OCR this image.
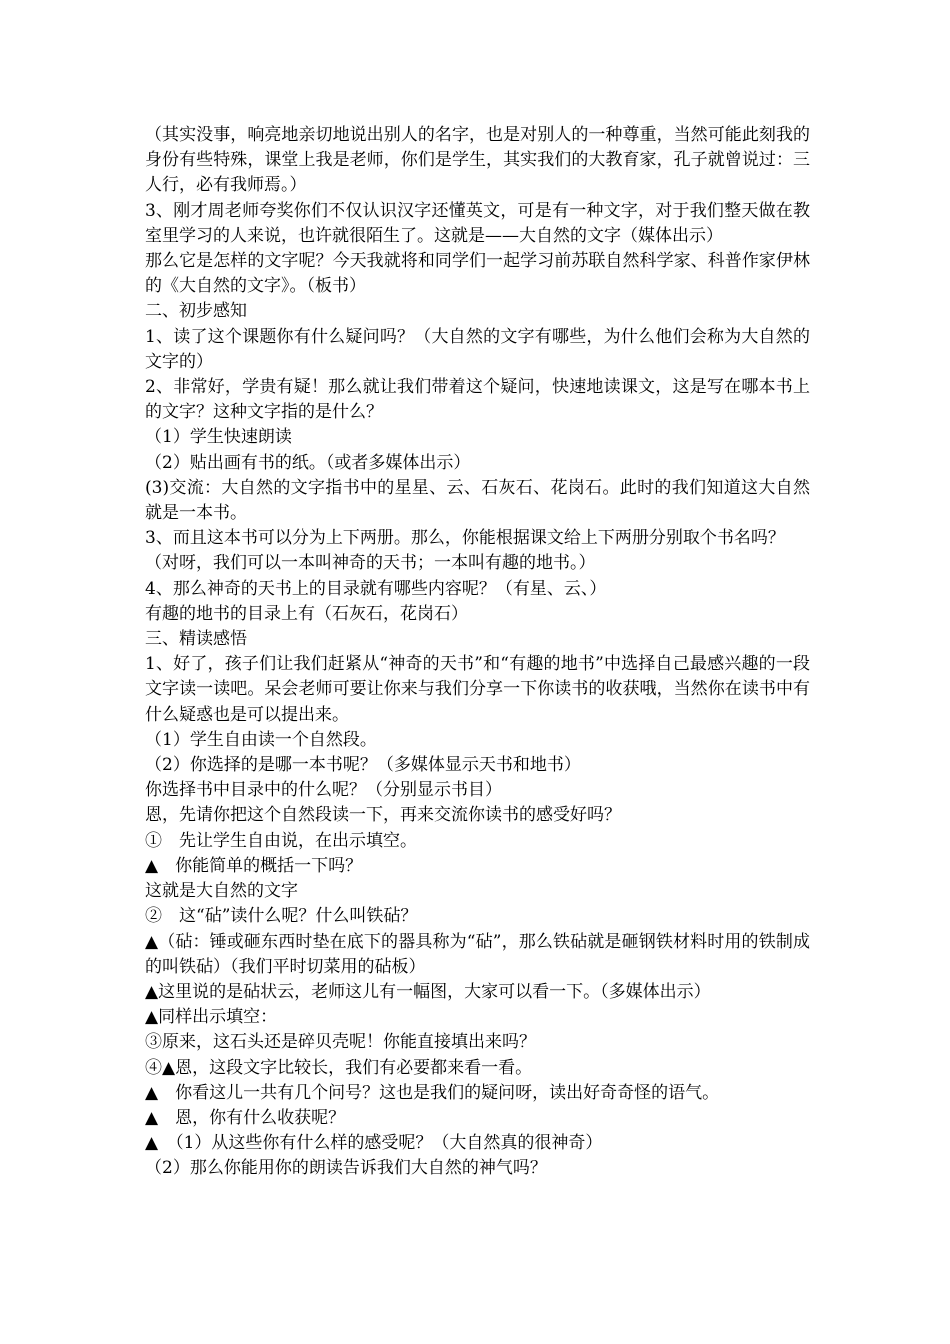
（其实没事，响亮地亲切地说出别人的名字，也是对别人的一种尊重，当然可能此刻我的身份有些特殊，课堂上我是老师，你们是学生，其实我们的大教育家，孔子就曾说过：三人行，必有我师焉。）

3、刚才周老师夸奖你们不仅认识汉字还懂英文，可是有一种文字，对于我们整天做在教室里学习的人来说，也许就很陌生了。这就是——大自然的文字（媒体出示）

那么它是怎样的文字呢？今天我就将和同学们一起学习前苏联自然科学家、科普作家伊林的《大自然的文字》。（板书）

二、初步感知

1、读了这个课题你有什么疑问吗？（大自然的文字有哪些，为什么他们会称为大自然的文字的）

2、非常好，学贵有疑！那么就让我们带着这个疑问，快速地读课文，这是写在哪本书上的文字？这种文字指的是什么？

（1）学生快速朗读

（2）贴出画有书的纸。（或者多媒体出示）

(3)交流：大自然的文字指书中的星星、云、石灰石、花岗石。此时的我们知道这大自然就是一本书。

3、而且这本书可以分为上下两册。那么，你能根据课文给上下两册分别取个书名吗？

（对呀，我们可以一本叫神奇的天书；一本叫有趣的地书。）

4、那么神奇的天书上的目录就有哪些内容呢？（有星、云、）

有趣的地书的目录上有（石灰石，花岗石）

三、精读感悟

1、好了，孩子们让我们赶紧从“神奇的天书”和“有趣的地书”中选择自己最感兴趣的一段文字读一读吧。呆会老师可要让你来与我们分享一下你读书的收获哦，当然你在读书中有什么疑惑也是可以提出来。

（1）学生自由读一个自然段。

（2）你选择的是哪一本书呢？（多媒体显示天书和地书）

你选择书中目录中的什么呢？（分别显示书目）

恩，先请你把这个自然段读一下，再来交流你读书的感受好吗？

①　先让学生自由说，在出示填空。

▲　你能简单的概括一下吗？

这就是大自然的文字

②　这“砧”读什么呢？什么叫铁砧？

▲（砧：锤或砸东西时垫在底下的器具称为“砧”，那么铁砧就是砸钢铁材料时用的铁制成的叫铁砧）（我们平时切菜用的砧板）

▲这里说的是砧状云，老师这儿有一幅图，大家可以看一下。（多媒体出示）

▲同样出示填空：

③原来，这石头还是碎贝壳呢！你能直接填出来吗？

④▲恩，这段文字比较长，我们有必要都来看一看。

▲　你看这儿一共有几个问号？这也是我们的疑问呀，读出好奇奇怪的语气。

▲　恩，你有什么收获呢？

▲　（1）从这些你有什么样的感受呢？（大自然真的很神奇）

（2）那么你能用你的朗读告诉我们大自然的神气吗？
